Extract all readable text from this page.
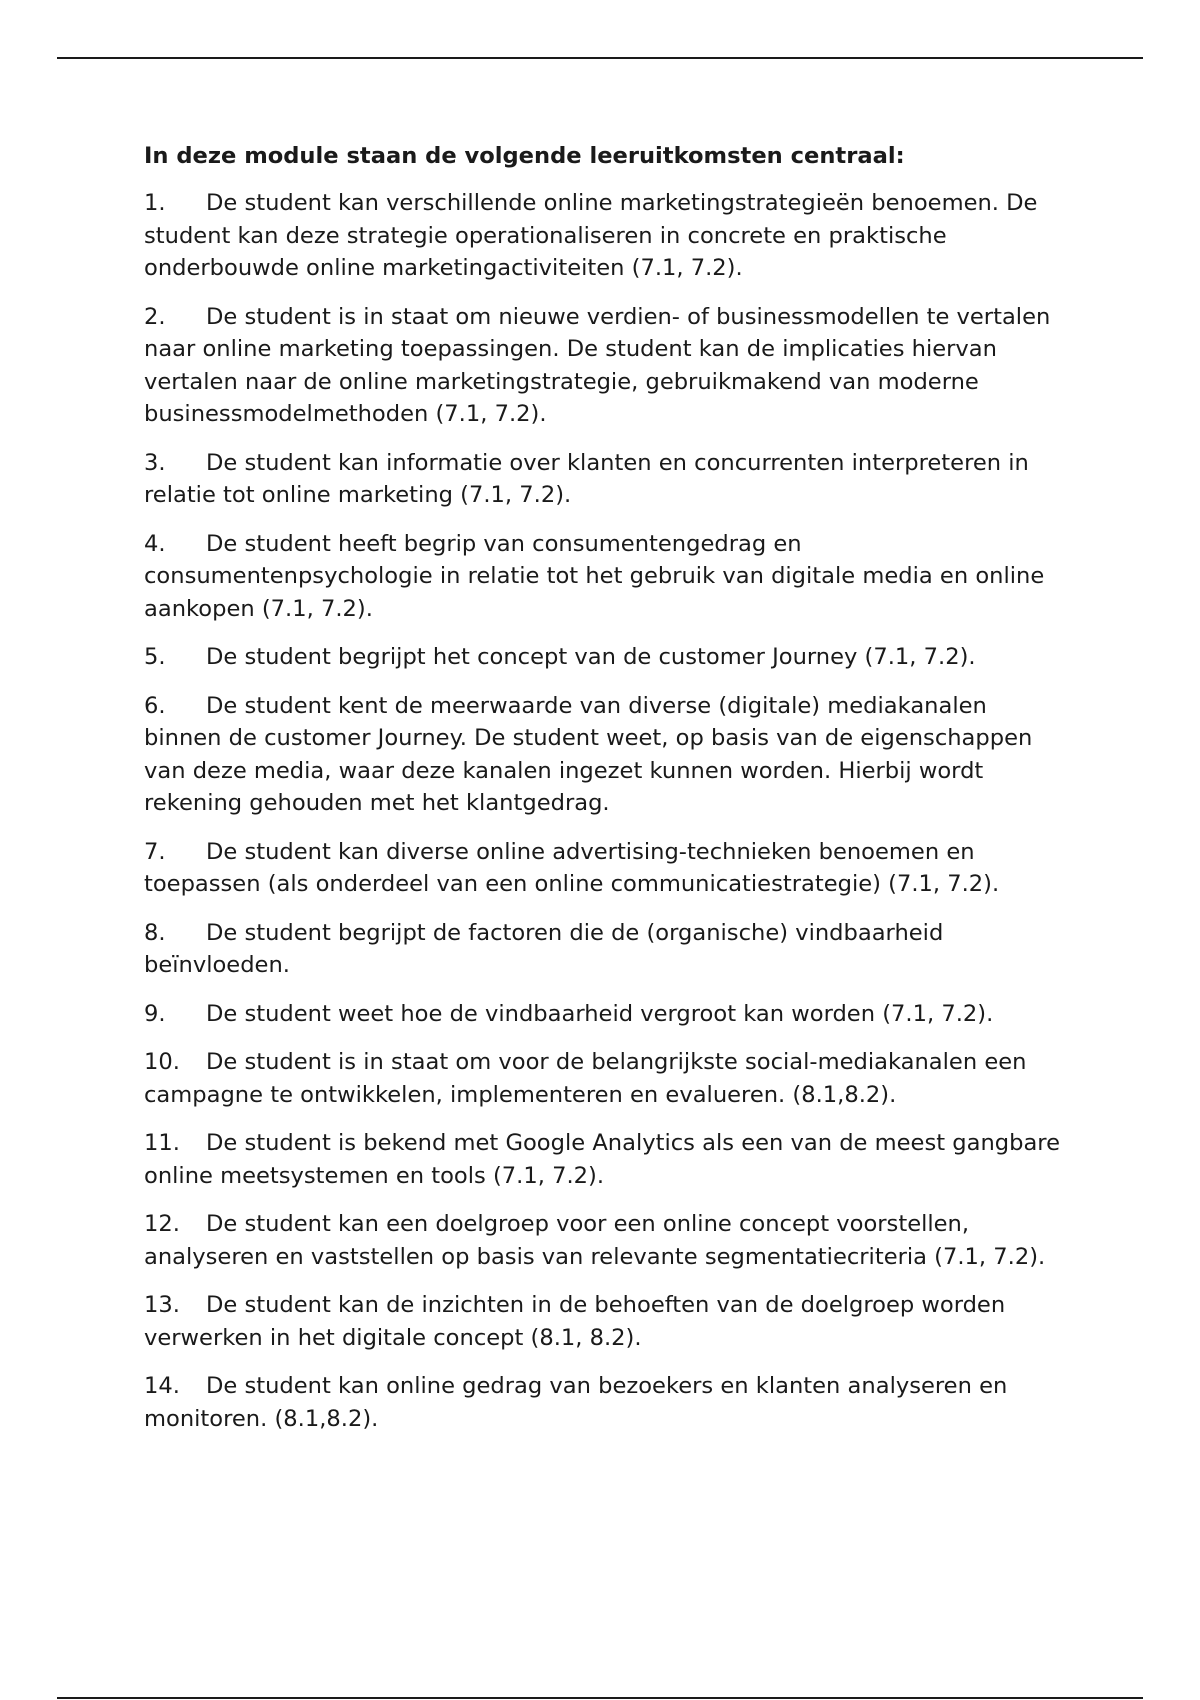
In deze module staan de volgende leeruitkomsten centraal:

1. De student kan verschillende online marketingstrategieën benoemen. De student kan deze strategie operationaliseren in concrete en praktische onderbouwde online marketingactiviteiten (7.1, 7.2).

2. De student is in staat om nieuwe verdien- of businessmodellen te vertalen naar online marketing toepassingen. De student kan de implicaties hiervan vertalen naar de online marketingstrategie, gebruikmakend van moderne businessmodelmethoden (7.1, 7.2).

3. De student kan informatie over klanten en concurrenten interpreteren in relatie tot online marketing (7.1, 7.2).

4. De student heeft begrip van consumentengedrag en consumentenpsychologie in relatie tot het gebruik van digitale media en online aankopen (7.1, 7.2).

5. De student begrijpt het concept van de customer Journey (7.1, 7.2).

6. De student kent de meerwaarde van diverse (digitale) mediakanalen binnen de customer Journey. De student weet, op basis van de eigenschappen van deze media, waar deze kanalen ingezet kunnen worden. Hierbij wordt rekening gehouden met het klantgedrag.

7. De student kan diverse online advertising-technieken benoemen en toepassen (als onderdeel van een online communicatiestrategie) (7.1, 7.2).

8. De student begrijpt de factoren die de (organische) vindbaarheid beïnvloeden.

9. De student weet hoe de vindbaarheid vergroot kan worden (7.1, 7.2).

10. De student is in staat om voor de belangrijkste social-mediakanalen een campagne te ontwikkelen, implementeren en evalueren. (8.1,8.2).

11. De student is bekend met Google Analytics als een van de meest gangbare online meetsystemen en tools (7.1, 7.2).

12. De student kan een doelgroep voor een online concept voorstellen, analyseren en vaststellen op basis van relevante segmentatiecriteria (7.1, 7.2).

13. De student kan de inzichten in de behoeften van de doelgroep worden verwerken in het digitale concept (8.1, 8.2).

14. De student kan online gedrag van bezoekers en klanten analyseren en monitoren. (8.1,8.2).
